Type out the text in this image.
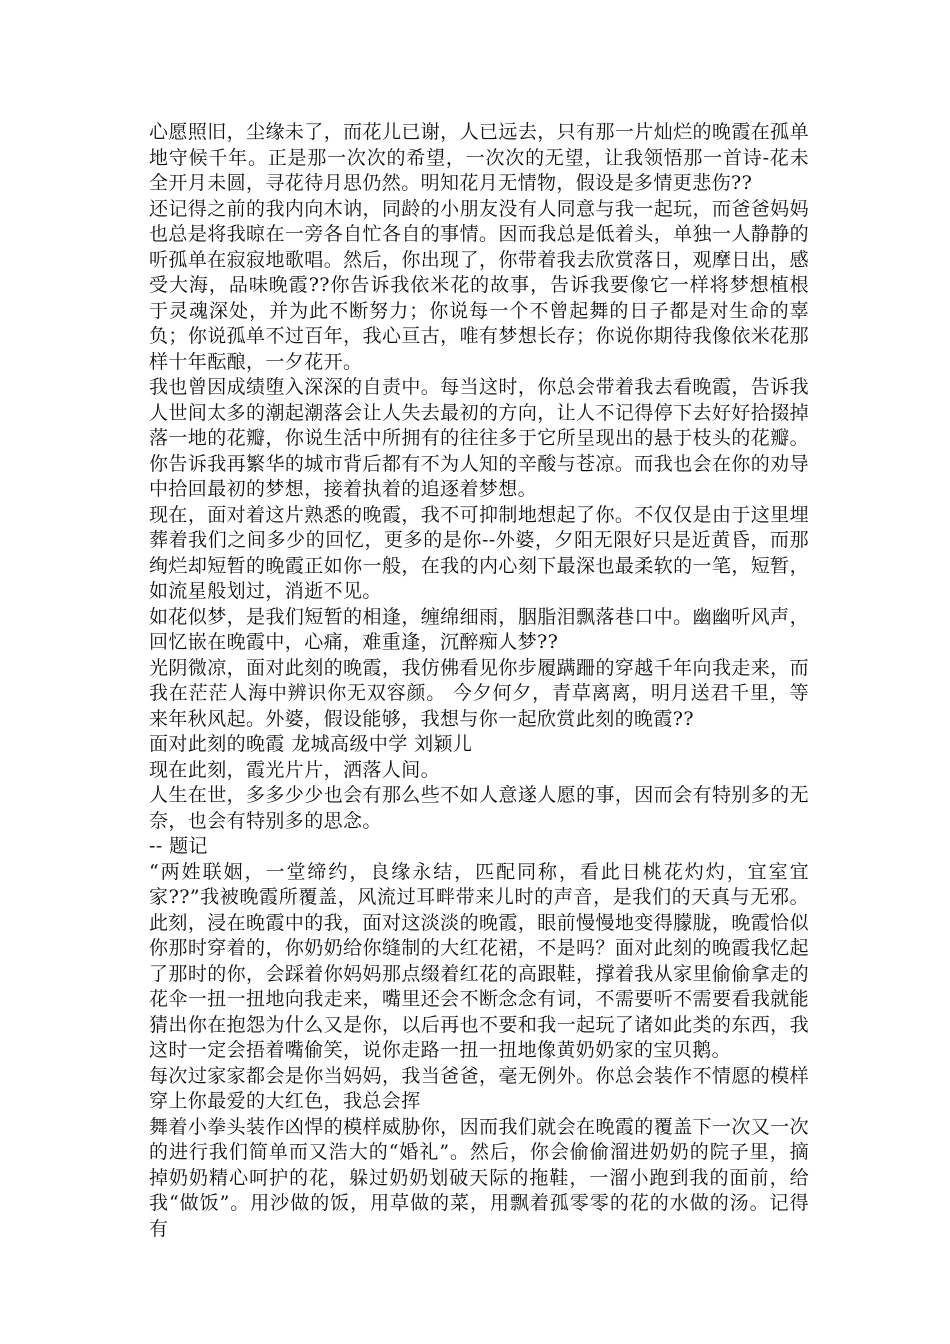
心愿照旧，尘缘未了，而花儿已谢，人已远去，只有那一片灿烂的晚霞在孤单地守候千年。正是那一次次的希望，一次次的无望，让我领悟那一首诗-花未全开月未圆，寻花待月思仍然。明知花月无情物，假设是多情更悲伤??

还记得之前的我内向木讷，同龄的小朋友没有人同意与我一起玩，而爸爸妈妈也总是将我晾在一旁各自忙各自的事情。因而我总是低着头，单独一人静静的听孤单在寂寂地歌唱。然后，你出现了，你带着我去欣赏落日，观摩日出，感受大海，品味晚霞??你告诉我依米花的故事，告诉我要像它一样将梦想植根于灵魂深处，并为此不断努力；你说每一个不曾起舞的日子都是对生命的辜负；你说孤单不过百年，我心亘古，唯有梦想长存；你说你期待我像依米花那样十年酝酿，一夕花开。

我也曾因成绩堕入深深的自责中。每当这时，你总会带着我去看晚霞，告诉我人世间太多的潮起潮落会让人失去最初的方向，让人不记得停下去好好拾掇掉落一地的花瓣，你说生活中所拥有的往往多于它所呈现出的悬于枝头的花瓣。你告诉我再繁华的城市背后都有不为人知的辛酸与苍凉。而我也会在你的劝导中拾回最初的梦想，接着执着的追逐着梦想。

现在，面对着这片熟悉的晚霞，我不可抑制地想起了你。不仅仅是由于这里埋葬着我们之间多少的回忆，更多的是你--外婆，夕阳无限好只是近黄昏，而那绚烂却短暂的晚霞正如你一般，在我的内心刻下最深也最柔软的一笔，短暂，如流星般划过，消逝不见。

如花似梦，是我们短暂的相逢，缠绵细雨，胭脂泪飘落巷口中。幽幽听风声，回忆嵌在晚霞中，心痛，难重逢，沉醉痴人梦??

光阴微凉，面对此刻的晚霞，我仿佛看见你步履蹒跚的穿越千年向我走来，而我在茫茫人海中辨识你无双容颜。 今夕何夕，青草离离，明月送君千里，等来年秋风起。外婆，假设能够，我想与你一起欣赏此刻的晚霞??

面对此刻的晚霞 龙城高级中学 刘颖儿

现在此刻，霞光片片，洒落人间。

人生在世，多多少少也会有那么些不如人意遂人愿的事，因而会有特别多的无奈，也会有特别多的思念。

-- 题记

“两姓联姻，一堂缔约，良缘永结，匹配同称，看此日桃花灼灼，宜室宜家??”我被晚霞所覆盖，风流过耳畔带来儿时的声音，是我们的天真与无邪。此刻，浸在晚霞中的我，面对这淡淡的晚霞，眼前慢慢地变得朦胧，晚霞恰似你那时穿着的，你奶奶给你缝制的大红花裙，不是吗？面对此刻的晚霞我忆起了那时的你，会踩着你妈妈那点缀着红花的高跟鞋，撑着我从家里偷偷拿走的花伞一扭一扭地向我走来，嘴里还会不断念念有词，不需要听不需要看我就能猜出你在抱怨为什么又是你，以后再也不要和我一起玩了诸如此类的东西，我这时一定会捂着嘴偷笑，说你走路一扭一扭地像黄奶奶家的宝贝鹅。

每次过家家都会是你当妈妈，我当爸爸，毫无例外。你总会装作不情愿的模样穿上你最爱的大红色，我总会挥

舞着小拳头装作凶悍的模样威胁你，因而我们就会在晚霞的覆盖下一次又一次的进行我们简单而又浩大的“婚礼”。然后，你会偷偷溜进奶奶的院子里，摘掉奶奶精心呵护的花，躲过奶奶划破天际的拖鞋，一溜小跑到我的面前，给我“做饭”。用沙做的饭，用草做的菜，用飘着孤零零的花的水做的汤。记得有
